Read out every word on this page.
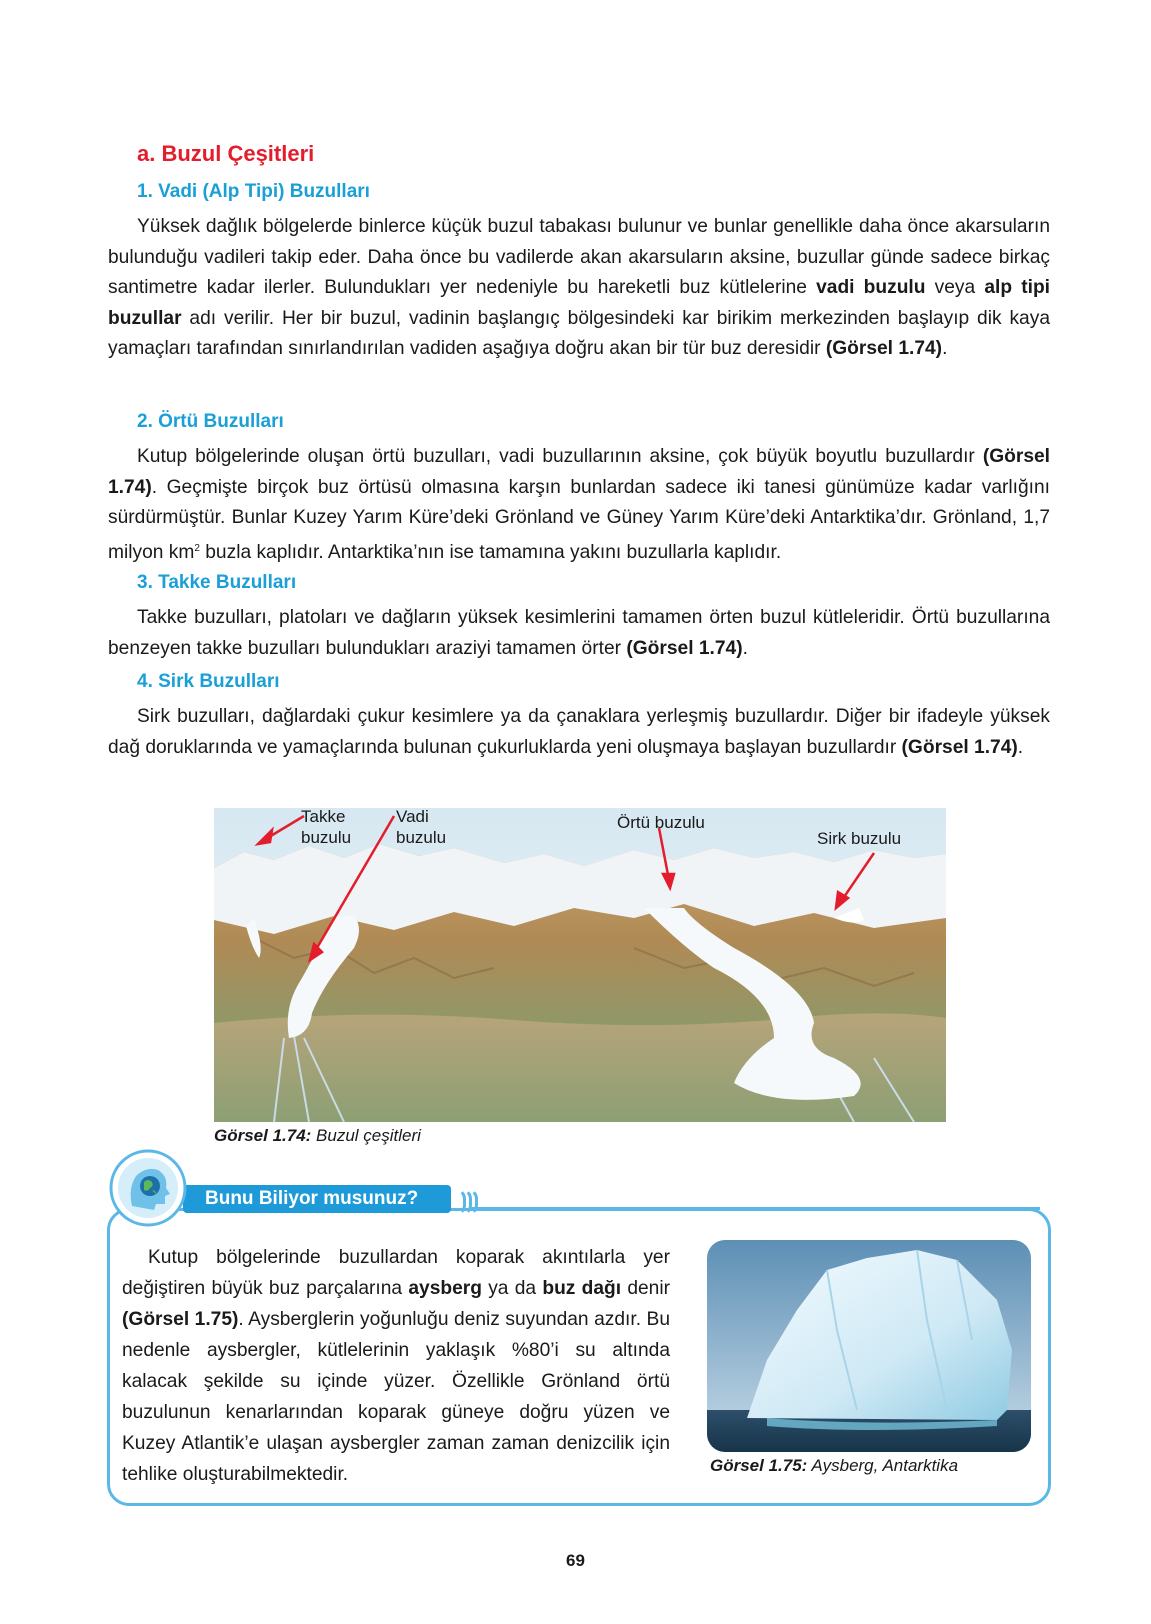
a. Buzul Çeşitleri
1. Vadi (Alp Tipi) Buzulları
Yüksek dağlık bölgelerde binlerce küçük buzul tabakası bulunur ve bunlar genellikle daha önce akarsuların bulunduğu vadileri takip eder. Daha önce bu vadilerde akan akarsuların aksine, buzullar günde sadece birkaç santimetre kadar ilerler. Bulundukları yer nedeniyle bu hareketli buz kütlelerine vadi buzulu veya alp tipi buzullar adı verilir. Her bir buzul, vadinin başlangıç bölgesindeki kar birikim merkezinden başlayıp dik kaya yamaçları tarafından sınırlandırılan vadiden aşağıya doğru akan bir tür buz deresidir (Görsel 1.74).
2. Örtü Buzulları
Kutup bölgelerinde oluşan örtü buzulları, vadi buzullarının aksine, çok büyük boyutlu buzullardır (Görsel 1.74). Geçmişte birçok buz örtüsü olmasına karşın bunlardan sadece iki tanesi günümüze kadar varlığını sürdürmüştür. Bunlar Kuzey Yarım Küre’deki Grönland ve Güney Yarım Küre’deki Antarktika’dır. Grönland, 1,7 milyon $km^2$ buzla kaplıdır. Antarktika’nın ise tamamına yakını buzullarla kaplıdır.
3. Takke Buzulları
Takke buzulları, platoları ve dağların yüksek kesimlerini tamamen örten buzul kütleleridir. Örtü buzullarına benzeyen takke buzulları bulundukları araziyi tamamen örter (Görsel 1.74).
4. Sirk Buzulları
Sirk buzulları, dağlardaki çukur kesimlere ya da çanaklara yerleşmiş buzullardır. Diğer bir ifadeyle yüksek dağ doruklarında ve yamaçlarında bulunan çukurluklarda yeni oluşmaya başlayan buzullardır (Görsel 1.74).
Takke
buzulu
Vadi
buzulu
Örtü buzulu
Sirk buzulu
Görsel 1.74: Buzul çeşitleri
Bunu Biliyor musunuz?
Kutup bölgelerinde buzullardan koparak akıntılarla yer değiştiren büyük buz parçalarına aysberg ya da buz dağı denir (Görsel 1.75). Aysberglerin yoğunluğu deniz suyundan azdır. Bu nedenle aysbergler, kütlelerinin yaklaşık %80’i su altında kalacak şekilde su içinde yüzer. Özellikle Grönland örtü buzulunun kenarlarından koparak güneye doğru yüzen ve Kuzey Atlantik’e ulaşan aysbergler zaman zaman denizcilik için tehlike oluşturabilmektedir.	Görsel 1.75: Aysberg, Antarktika
69
